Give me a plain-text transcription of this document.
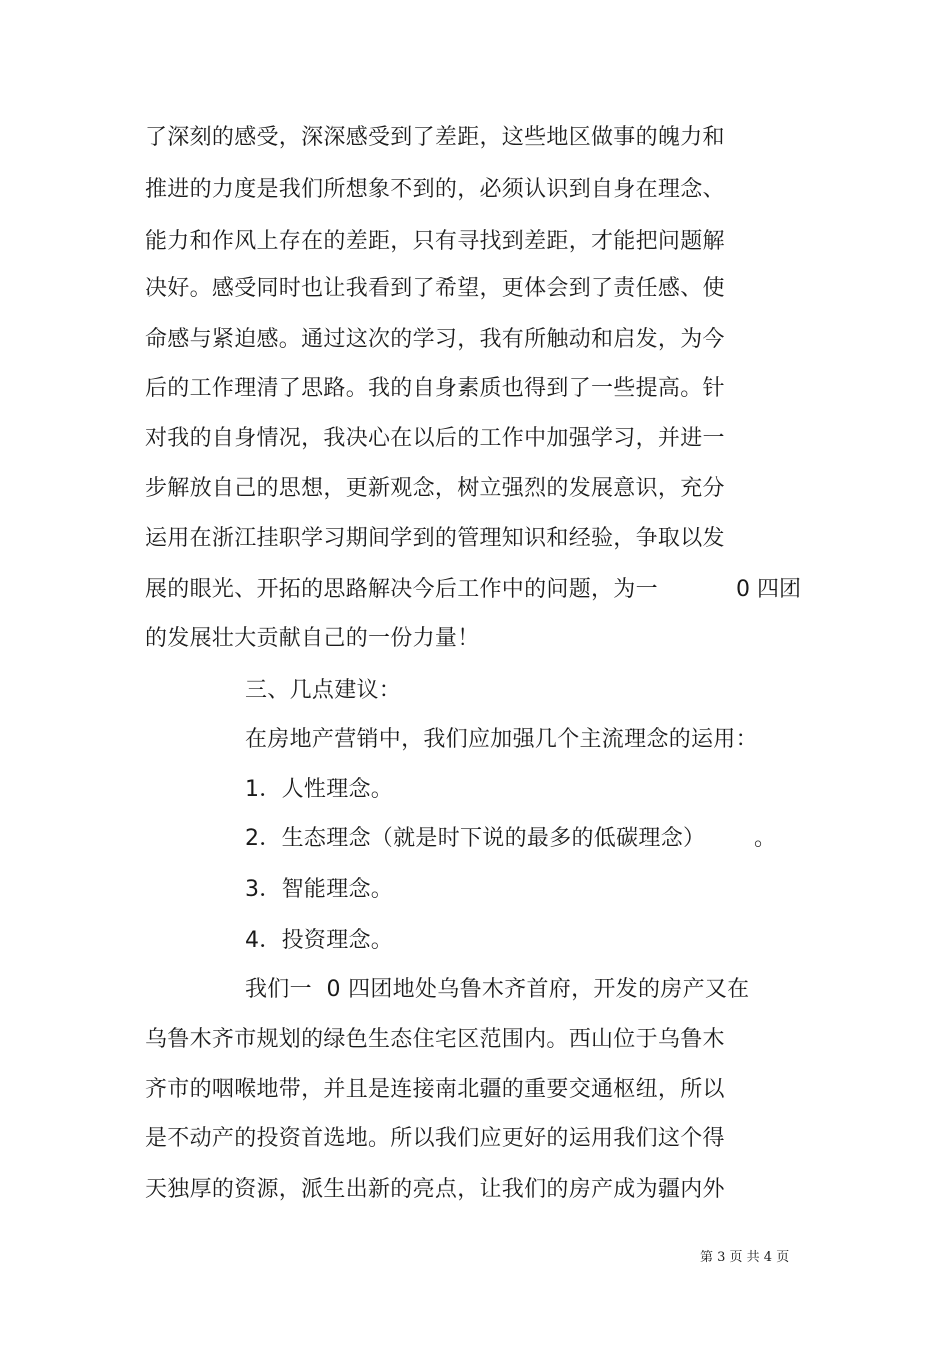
了深刻的感受，深深感受到了差距，这些地区做事的魄力和
推进的力度是我们所想象不到的，必须认识到自身在理念、
能力和作风上存在的差距，只有寻找到差距，才能把问题解
决好。感受同时也让我看到了希望，更体会到了责任感、使
命感与紧迫感。通过这次的学习，我有所触动和启发，为今
后的工作理清了思路。我的自身素质也得到了一些提高。针
对我的自身情况，我决心在以后的工作中加强学习，并进一
步解放自己的思想，更新观念，树立强烈的发展意识，充分
运用在浙江挂职学习期间学到的管理知识和经验，争取以发
展的眼光、开拓的思路解决今后工作中的问题，为一	0 四团
的发展壮大贡献自己的一份力量！
三、几点建议：
在房地产营销中，我们应加强几个主流理念的运用：
1．人性理念。
2．生态理念（就是时下说的最多的低碳理念） 。
3．智能理念。
4．投资理念。
我们一  0 四团地处乌鲁木齐首府，开发的房产又在
乌鲁木齐市规划的绿色生态住宅区范围内。西山位于乌鲁木
齐市的咽喉地带，并且是连接南北疆的重要交通枢纽，所以
是不动产的投资首选地。所以我们应更好的运用我们这个得
天独厚的资源，派生出新的亮点，让我们的房产成为疆内外
第 3 页 共 4 页
